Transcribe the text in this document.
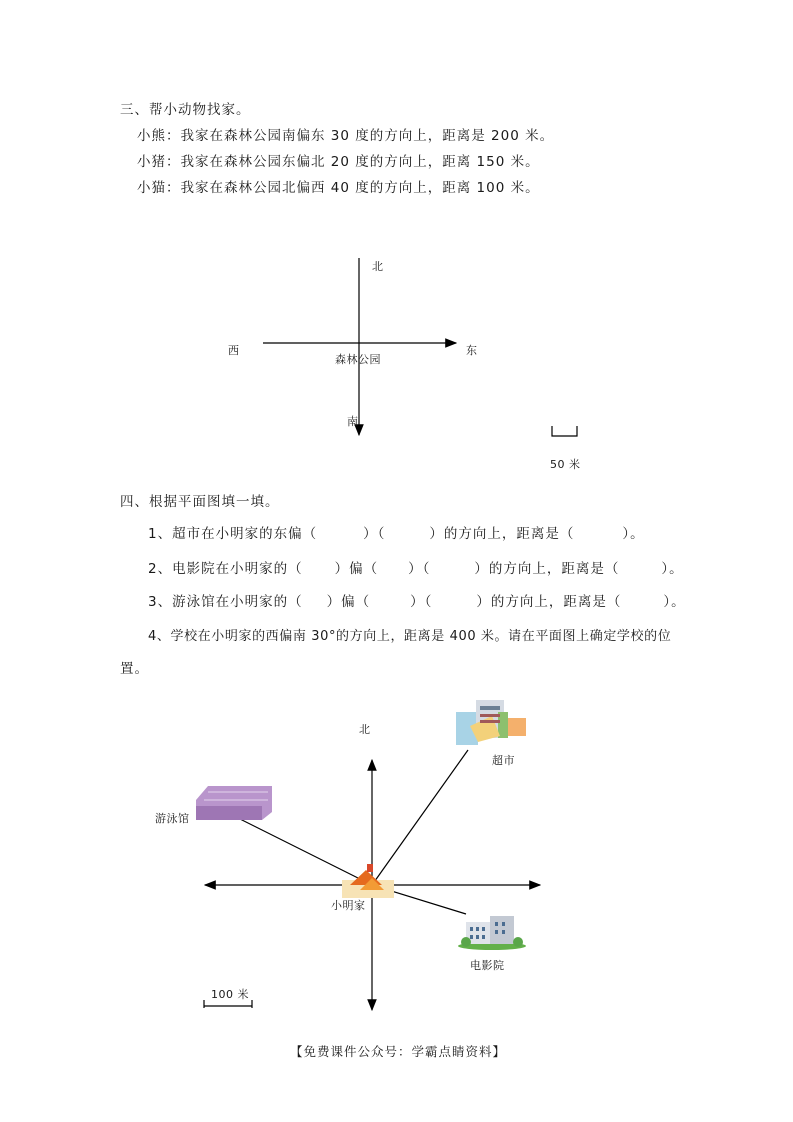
三、帮小动物找家。
小熊：我家在森林公园南偏东 30 度的方向上，距离是 200 米。
小猪：我家在森林公园东偏北 20 度的方向上，距离 150 米。
小猫：我家在森林公园北偏西 40 度的方向上，距离 100 米。
北
西	东
森林公园
南
50 米
四、根据平面图填一填。
1、超市在小明家的东偏（	）（	）的方向上，距离是（	）。
2、电影院在小明家的（ ）偏（ ）（	）的方向上，距离是（	）。
3、游泳馆在小明家的（ ）偏（	）（	）的方向上，距离是（	）。
4、学校在小明家的西偏南 30°的方向上，距离是 400 米。请在平面图上确定学校的位
置。
北
超市
游泳馆
小明家
电影院
100 米
【免费课件公众号：学霸点睛资料】
